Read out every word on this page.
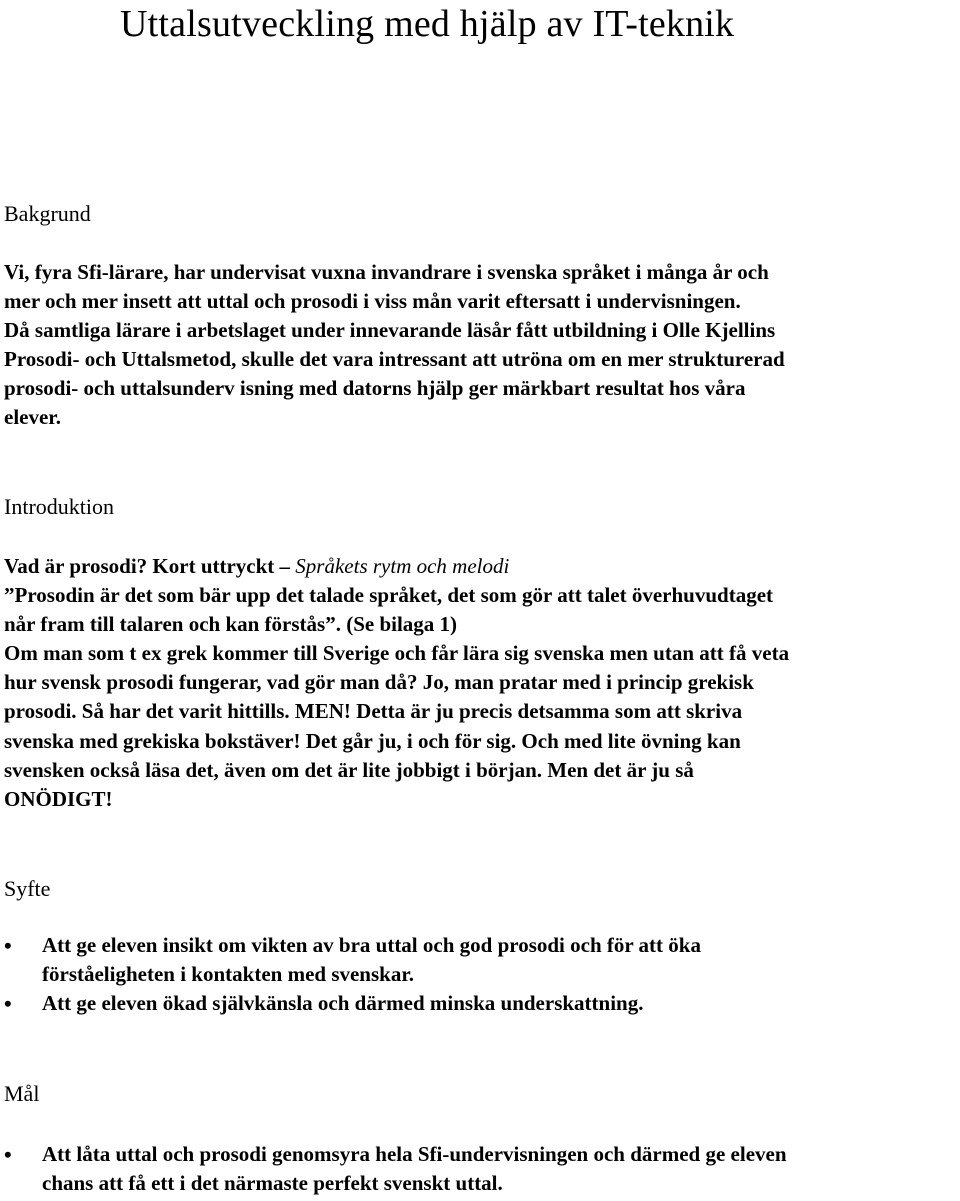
Uttalsutveckling med hjälp av IT-teknik
Bakgrund
Vi, fyra Sfi-lärare, har undervisat vuxna invandrare i svenska språket i många år och
mer och mer insett att uttal och prosodi i viss mån varit eftersatt i undervisningen.
Då samtliga lärare i arbetslaget under innevarande läsår fått utbildning i Olle Kjellins
Prosodi- och Uttalsmetod, skulle det vara intressant att utröna om en mer strukturerad
prosodi- och uttalsunderv isning med datorns hjälp ger märkbart resultat hos våra
elever.
Introduktion
Vad är prosodi? Kort uttryckt – Språkets rytm och melodi
”Prosodin är det som bär upp det talade språket, det som gör att talet överhuvudtaget
når fram till talaren och kan förstås”. (Se bilaga 1)
Om man som t ex grek kommer till Sverige och får lära sig svenska men utan att få veta
hur svensk prosodi fungerar, vad gör man då? Jo, man pratar med i princip grekisk
prosodi. Så har det varit hittills. MEN! Detta är ju precis detsamma som att skriva
svenska med grekiska bokstäver! Det går ju, i och för sig. Och med lite övning kan
svensken också läsa det, även om det är lite jobbigt i början. Men det är ju så
ONÖDIGT!
Syfte
• Att ge eleven insikt om vikten av bra uttal och god prosodi och för att öka
förståeligheten i kontakten med svenskar.
• Att ge eleven ökad självkänsla och därmed minska underskattning.
Mål
• Att låta uttal och prosodi genomsyra hela Sfi-undervisningen och därmed ge eleven
chans att få ett i det närmaste perfekt svenskt uttal.
